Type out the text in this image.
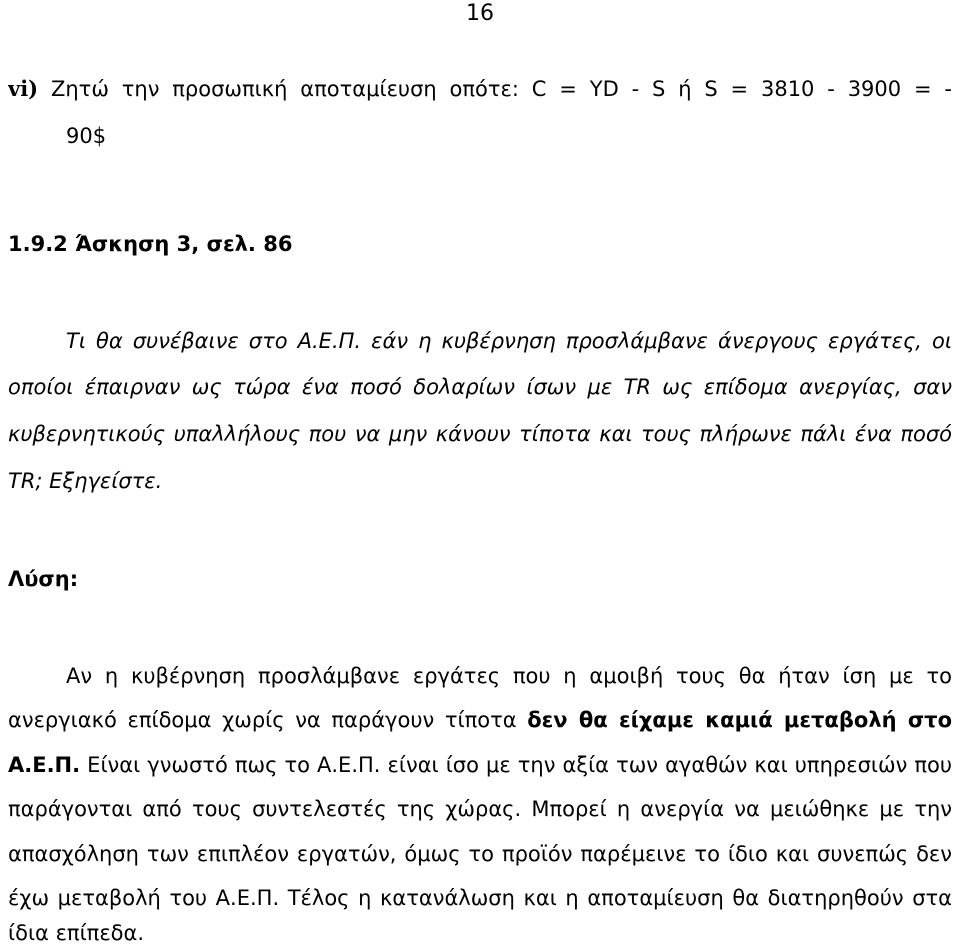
16
vi) Ζητώ την προσωπική αποταμίευση οπότε: C = YD - S ή S = 3810 - 3900 = -
90$
1.9.2 Άσκηση 3, σελ. 86
Τι θα συνέβαινε στο Α.Ε.Π. εάν η κυβέρνηση προσλάμβανε άνεργους εργάτες, οι
οποίοι έπαιρναν ως τώρα ένα ποσό δολαρίων ίσων με TR ως επίδομα ανεργίας, σαν
κυβερνητικούς υπαλλήλους που να μην κάνουν τίποτα και τους πλήρωνε πάλι ένα ποσό
TR; Εξηγείστε.
Λύση:
Αν η κυβέρνηση προσλάμβανε εργάτες που η αμοιβή τους θα ήταν ίση με το
ανεργιακό επίδομα χωρίς να παράγουν τίποτα δεν θα είχαμε καμιά μεταβολή στο
Α.Ε.Π. Είναι γνωστό πως το Α.Ε.Π. είναι ίσο με την αξία των αγαθών και υπηρεσιών που
παράγονται από τους συντελεστές της χώρας. Μπορεί η ανεργία να μειώθηκε με την
απασχόληση των επιπλέον εργατών, όμως το προϊόν παρέμεινε το ίδιο και συνεπώς δεν
έχω μεταβολή του Α.Ε.Π. Τέλος η κατανάλωση και η αποταμίευση θα διατηρηθούν στα
ίδια επίπεδα.
